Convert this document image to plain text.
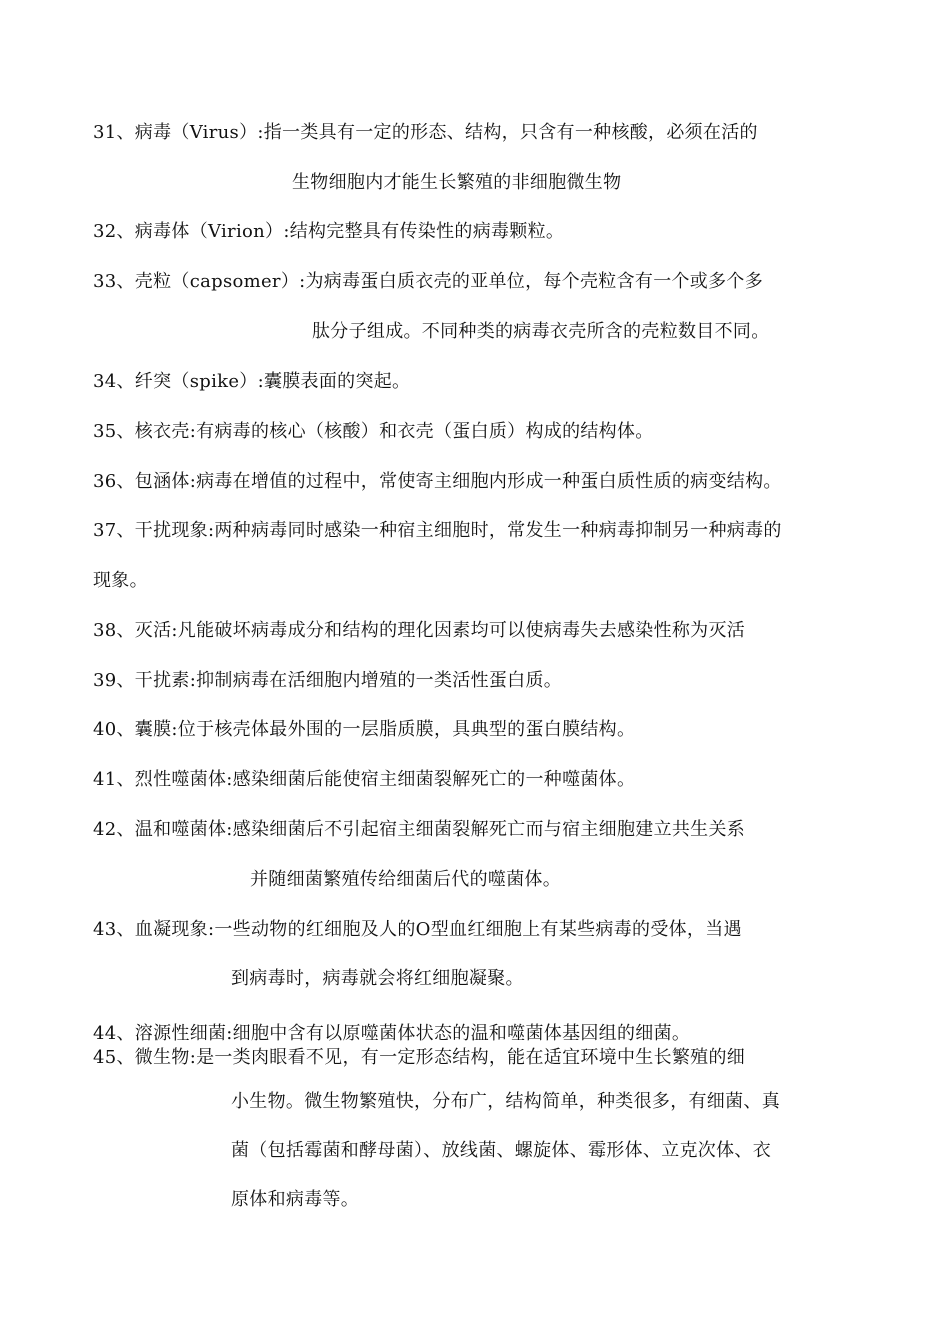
31、病毒（Virus）:指一类具有一定的形态、结构，只含有一种核酸，必须在活的
生物细胞内才能生长繁殖的非细胞微生物
32、病毒体（Virion）:结构完整具有传染性的病毒颗粒。
33、壳粒（capsomer）:为病毒蛋白质衣壳的亚单位，每个壳粒含有一个或多个多
肽分子组成。不同种类的病毒衣壳所含的壳粒数目不同。
34、纤突（spike）:囊膜表面的突起。
35、核衣壳:有病毒的核心（核酸）和衣壳（蛋白质）构成的结构体。
36、包涵体:病毒在增值的过程中，常使寄主细胞内形成一种蛋白质性质的病变结构。
37、干扰现象:两种病毒同时感染一种宿主细胞时，常发生一种病毒抑制另一种病毒的
现象。
38、灭活:凡能破坏病毒成分和结构的理化因素均可以使病毒失去感染性称为灭活
39、干扰素:抑制病毒在活细胞内增殖的一类活性蛋白质。
40、囊膜:位于核壳体最外围的一层脂质膜，具典型的蛋白膜结构。
41、烈性噬菌体:感染细菌后能使宿主细菌裂解死亡的一种噬菌体。
42、温和噬菌体:感染细菌后不引起宿主细菌裂解死亡而与宿主细胞建立共生关系
并随细菌繁殖传给细菌后代的噬菌体。
43、血凝现象:一些动物的红细胞及人的O型血红细胞上有某些病毒的受体，当遇
到病毒时，病毒就会将红细胞凝聚。
44、溶源性细菌:细胞中含有以原噬菌体状态的温和噬菌体基因组的细菌。
45、微生物:是一类肉眼看不见，有一定形态结构，能在适宜环境中生长繁殖的细
小生物。微生物繁殖快，分布广，结构简单，种类很多，有细菌、真
菌（包括霉菌和酵母菌）、放线菌、螺旋体、霉形体、立克次体、衣
原体和病毒等。
